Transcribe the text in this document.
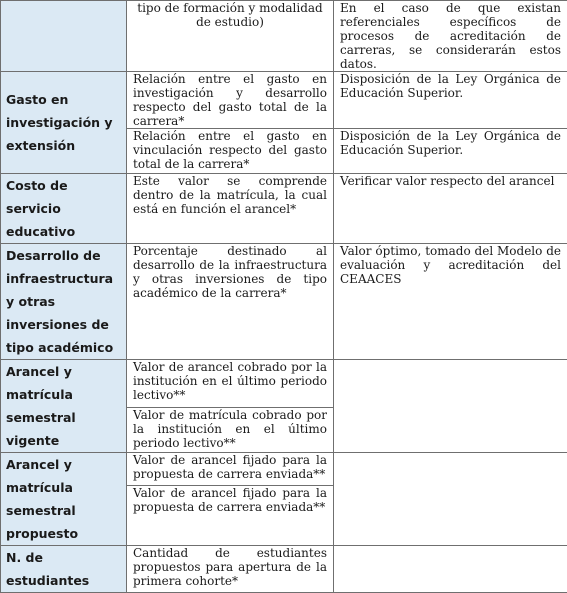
	tipo de formación y modalidad de estudio)	En el caso de que existan referenciales específicos de procesos de acreditación de carreras, se considerarán estos datos.
Gasto en investigación y extensión	Relación entre el gasto en investigación y desarrollo respecto del gasto total de la carrera*	Disposición de la Ley Orgánica de Educación Superior.
	Relación entre el gasto en vinculación respecto del gasto total de la carrera*	Disposición de la Ley Orgánica de Educación Superior.
Costo de servicio educativo	Este valor se comprende dentro de la matrícula, la cual está en función el arancel*	Verificar valor respecto del arancel
Desarrollo de infraestructura y otras inversiones de tipo académico	Porcentaje destinado al desarrollo de la infraestructura y otras inversiones de tipo académico de la carrera*	Valor óptimo, tomado del Modelo de evaluación y acreditación del CEAACES
Arancel y matrícula semestral vigente	Valor de arancel cobrado por la institución en el último periodo lectivo**	
	Valor de matrícula cobrado por la institución en el último periodo lectivo**	
Arancel y matrícula semestral propuesto	Valor de arancel fijado para la propuesta de carrera enviada**	
	Valor de arancel fijado para la propuesta de carrera enviada**	
N. de estudiantes	Cantidad de estudiantes propuestos para apertura de la primera cohorte*	
